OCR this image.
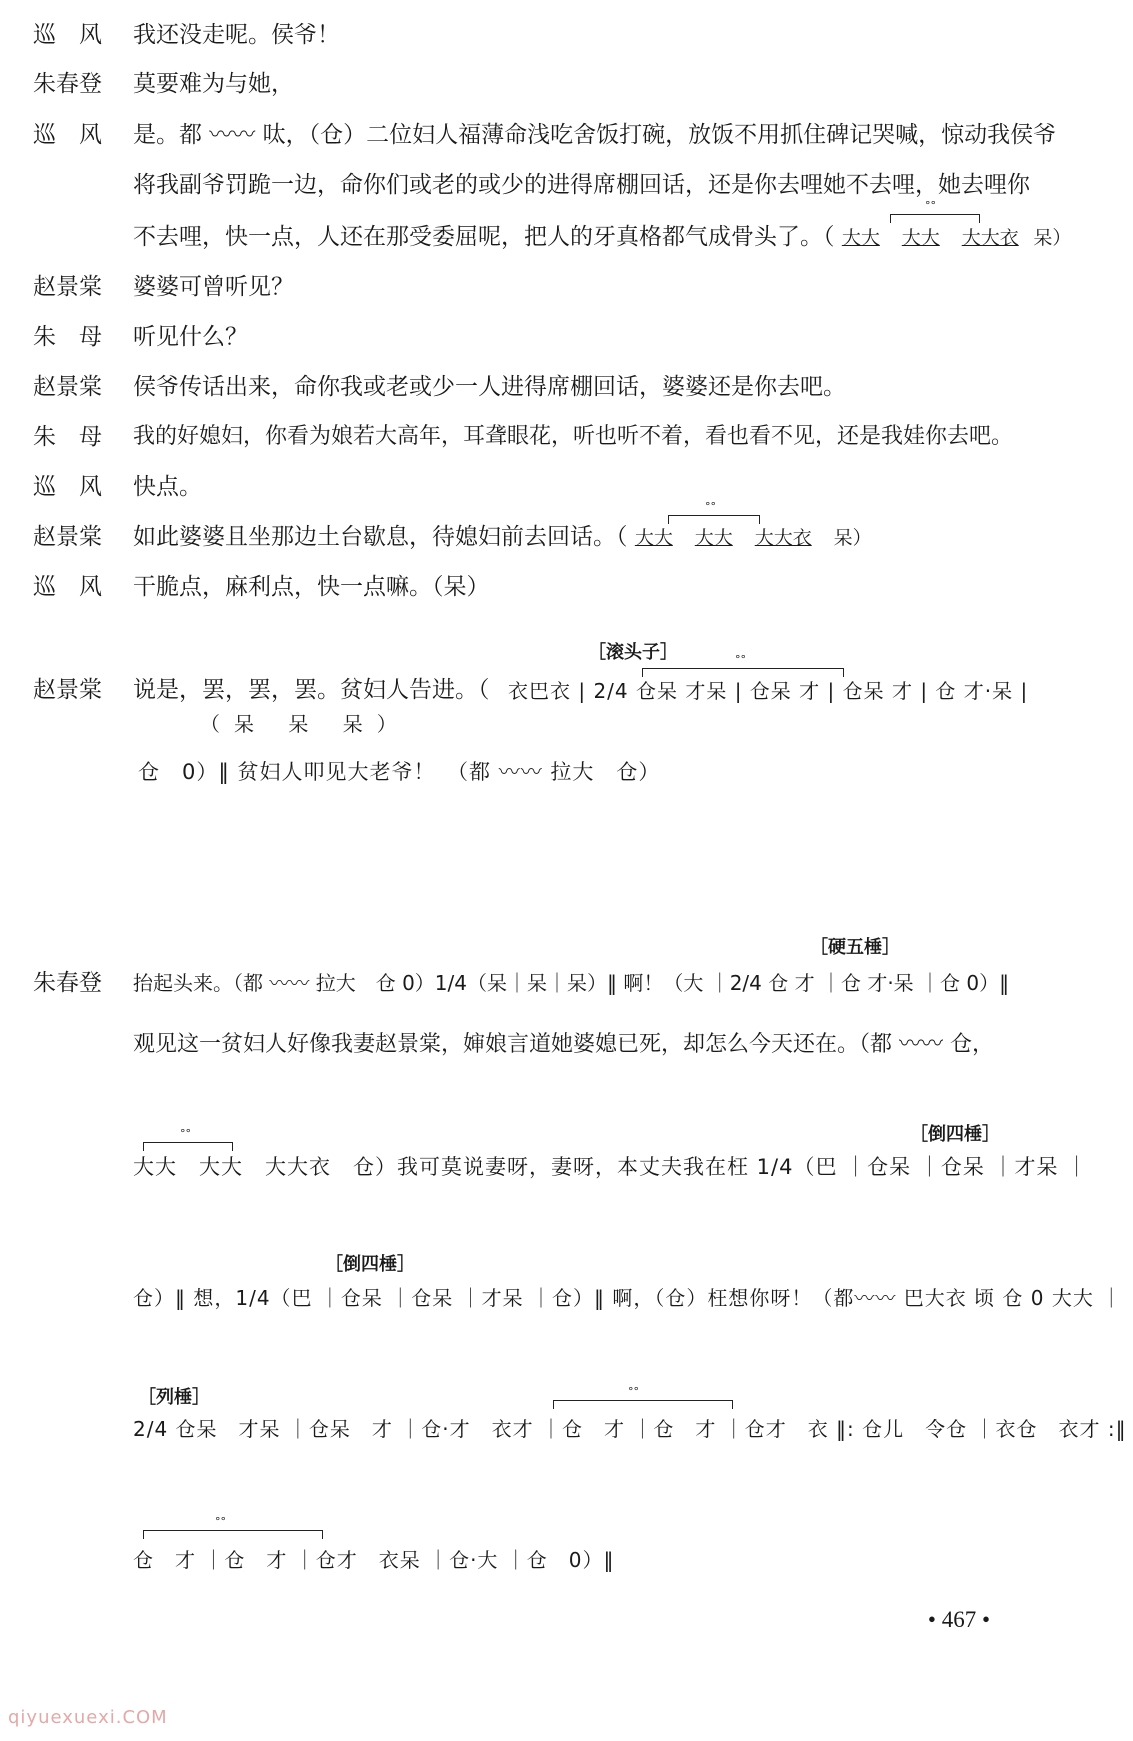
巡　风	我还没走呢。侯爷！
朱春登	莫要难为与她，
巡　风	是。都 〰〰 呔，（仓）二位妇人福薄命浅吃舍饭打碗，放饭不用抓住碑记哭喊，惊动我侯爷
将我副爷罚跪一边，命你们或老的或少的进得席棚回话，还是你去哩她不去哩，她去哩你
不去哩，快一点，人还在那受委屈呢，把人的牙真格都气成骨头了。（ 大大 大大 大大衣 呆）
°°
赵景棠	婆婆可曾听见？
朱　母	听见什么？
赵景棠	侯爷传话出来，命你我或老或少一人进得席棚回话，婆婆还是你去吧。
朱　母	我的好媳妇，你看为娘若大高年，耳聋眼花，听也听不着，看也看不见，还是我娃你去吧。
巡　风	快点。
赵景棠	如此婆婆且坐那边土台歇息，待媳妇前去回话。（ 大大 大大 大大衣 呆）
°°
巡　风	干脆点，麻利点，快一点嘛。（呆）
［滚头子］	°°
赵景棠	说是，罢，罢，罢。贫妇人告进。（ 衣巴衣 | 2/4 仓呆 才呆 | 仓呆 才 | 仓呆 才 | 仓 才·呆 |
（呆 呆 呆）
仓　0）‖ 贫妇人叩见大老爷！　（都 〰〰 拉大　仓）
［硬五棰］
朱春登	抬起头来。（都 〰〰 拉大　仓 0）1/4（呆｜呆｜呆）‖ 啊！（大 ｜2/4 仓 才 ｜仓 才·呆 ｜仓 0）‖
观见这一贫妇人好像我妻赵景棠，婶娘言道她婆媳已死，却怎么今天还在。（都 〰〰 仓，
［倒四棰］
°°
大大　大大　大大衣　仓）我可莫说妻呀，妻呀，本丈夫我在枉 1/4（巴 ｜仓呆 ｜仓呆 ｜才呆 ｜
［倒四棰］
仓）‖ 想，1/4（巴 ｜仓呆 ｜仓呆 ｜才呆 ｜仓）‖ 啊，（仓）枉想你呀！（都〰〰 巴大衣 顷 仓 0 大大 ｜
［列棰］	°°
2/4 仓呆　才呆 ｜仓呆　才 ｜仓·才　衣才 ｜仓　才 ｜仓　才 ｜仓才　衣 ‖: 仓儿　令仓 ｜衣仓　衣才 :‖
°°
仓　才 ｜仓　才 ｜仓才　衣呆 ｜仓·大 ｜仓　0）‖
• 467 •
qiyuexuexi.COM
